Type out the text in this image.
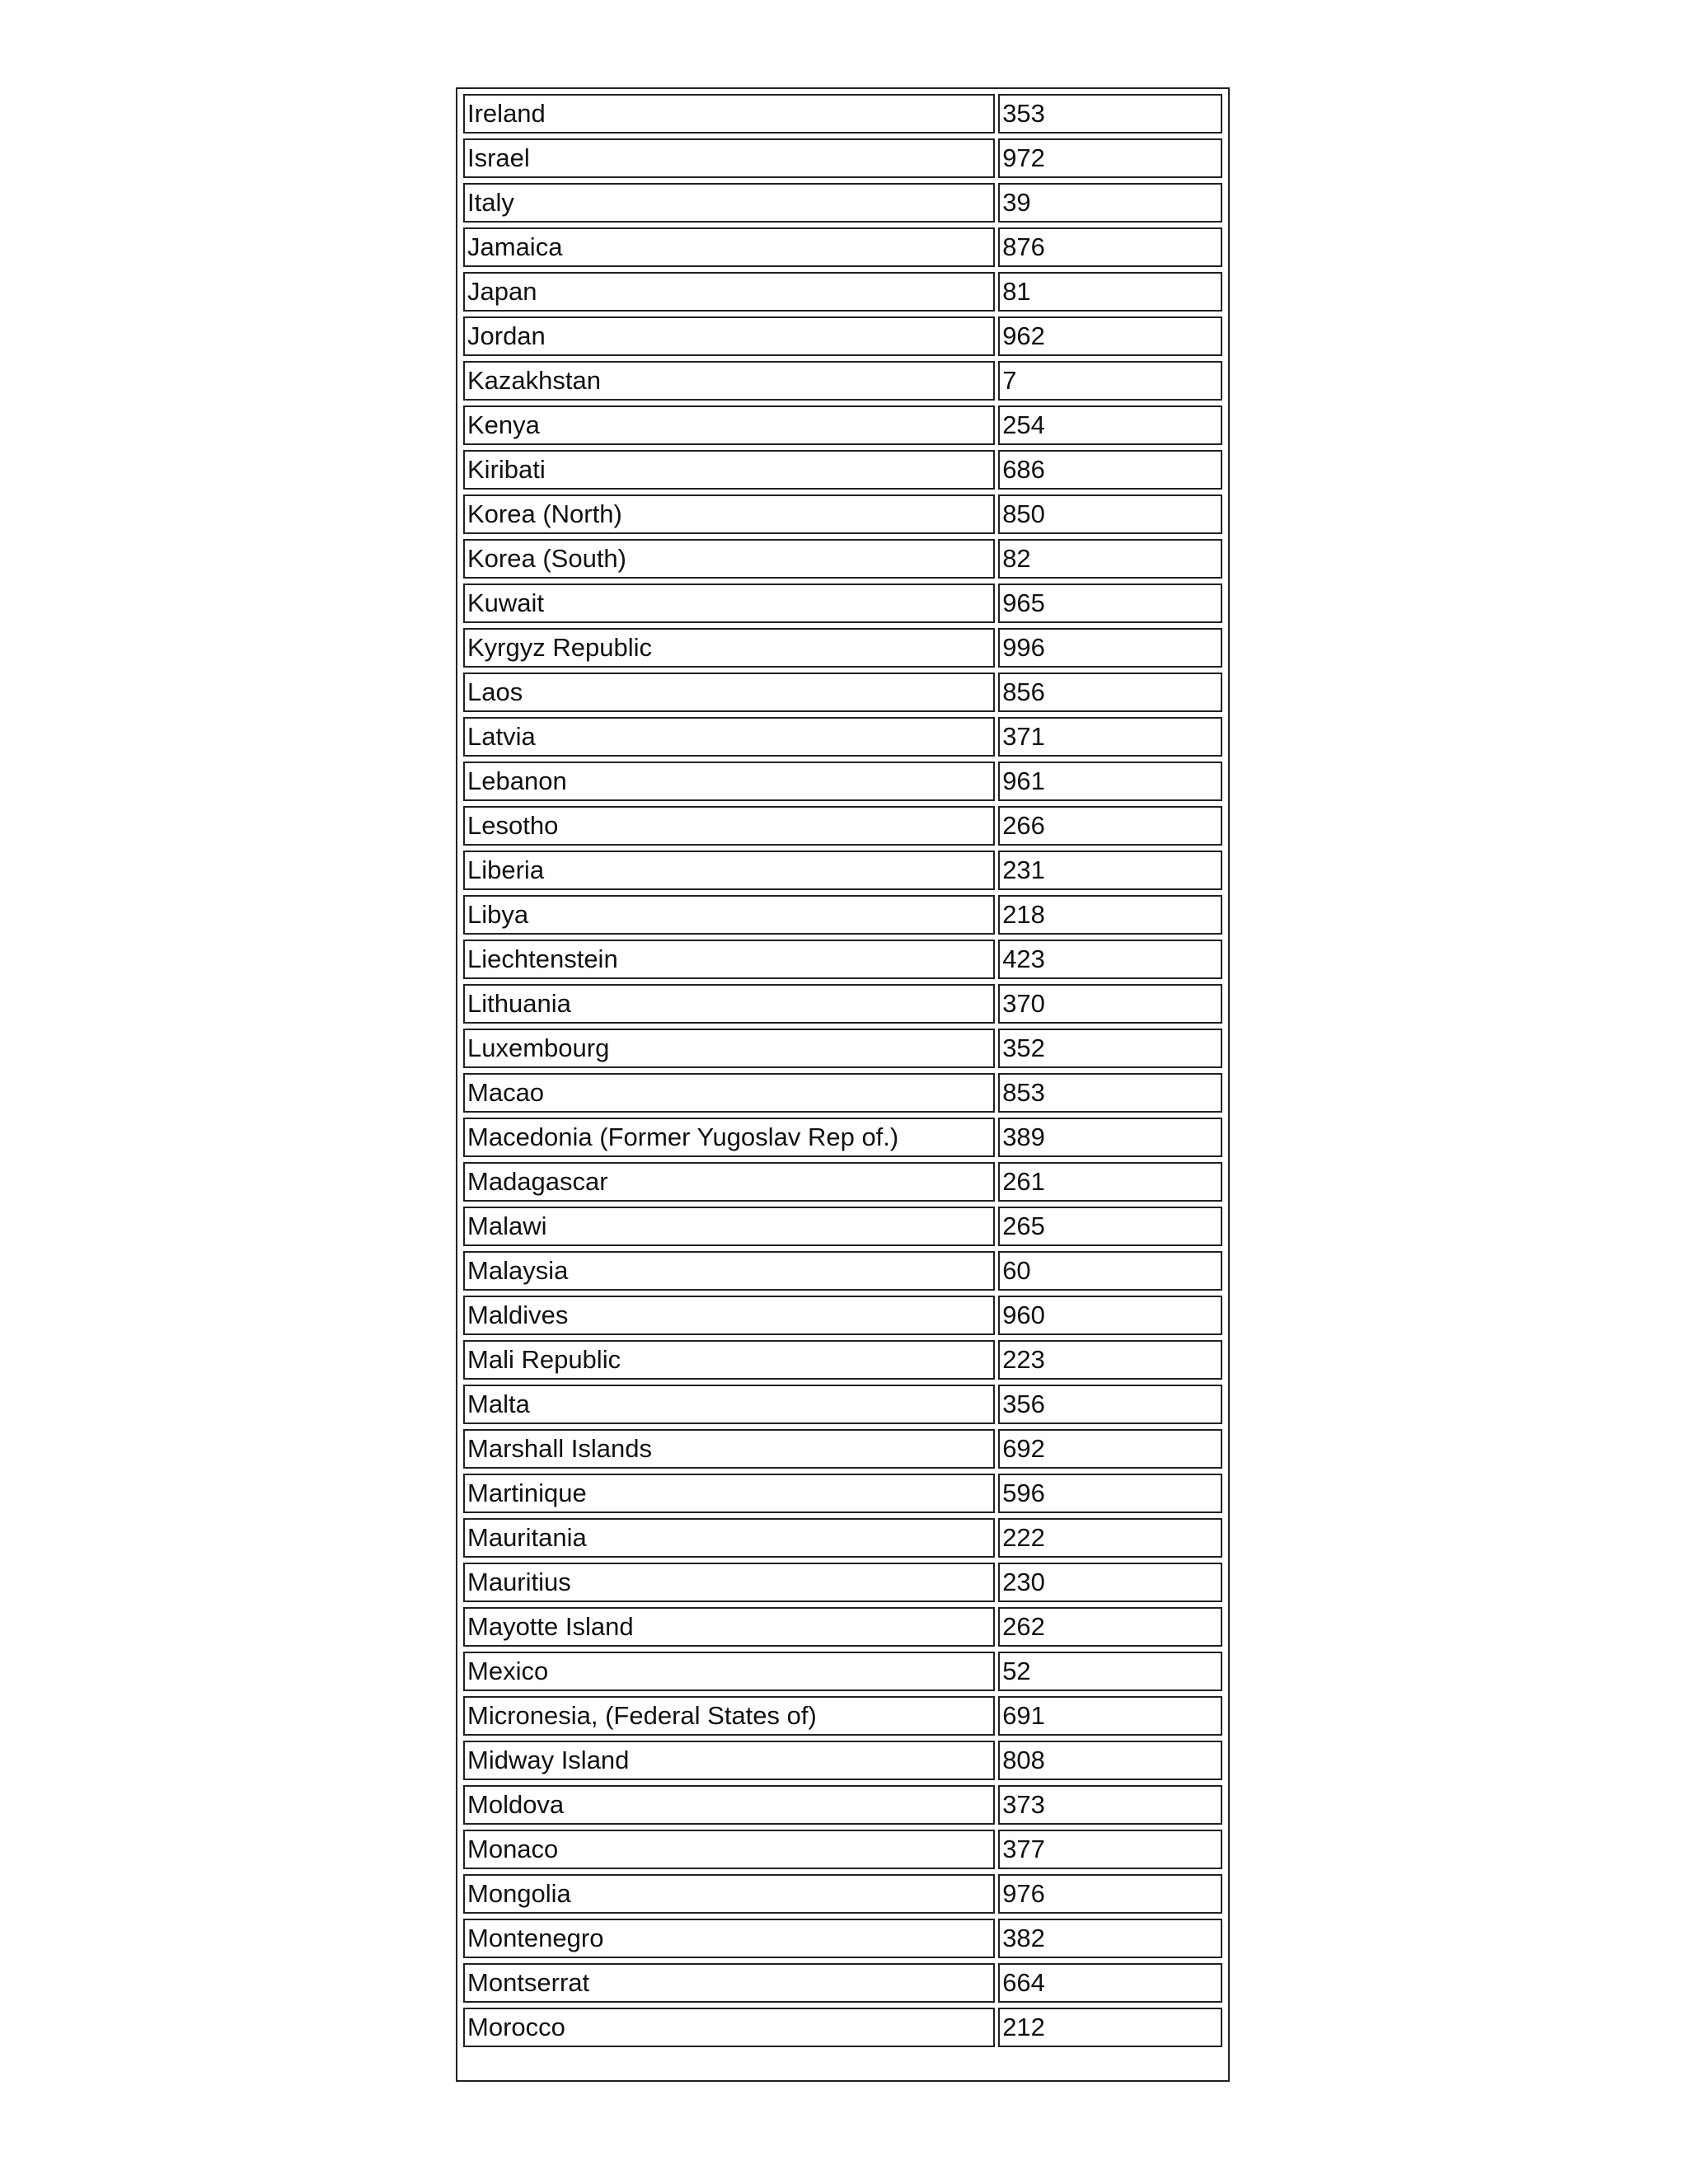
Ireland	353
Israel	972
Italy	39
Jamaica	876
Japan	81
Jordan	962
Kazakhstan	7
Kenya	254
Kiribati	686
Korea (North)	850
Korea (South)	82
Kuwait	965
Kyrgyz Republic	996
Laos	856
Latvia	371
Lebanon	961
Lesotho	266
Liberia	231
Libya	218
Liechtenstein	423
Lithuania	370
Luxembourg	352
Macao	853
Macedonia (Former Yugoslav Rep of.)	389
Madagascar	261
Malawi	265
Malaysia	60
Maldives	960
Mali Republic	223
Malta	356
Marshall Islands	692
Martinique	596
Mauritania	222
Mauritius	230
Mayotte Island	262
Mexico	52
Micronesia, (Federal States of)	691
Midway Island	808
Moldova	373
Monaco	377
Mongolia	976
Montenegro	382
Montserrat	664
Morocco	212
